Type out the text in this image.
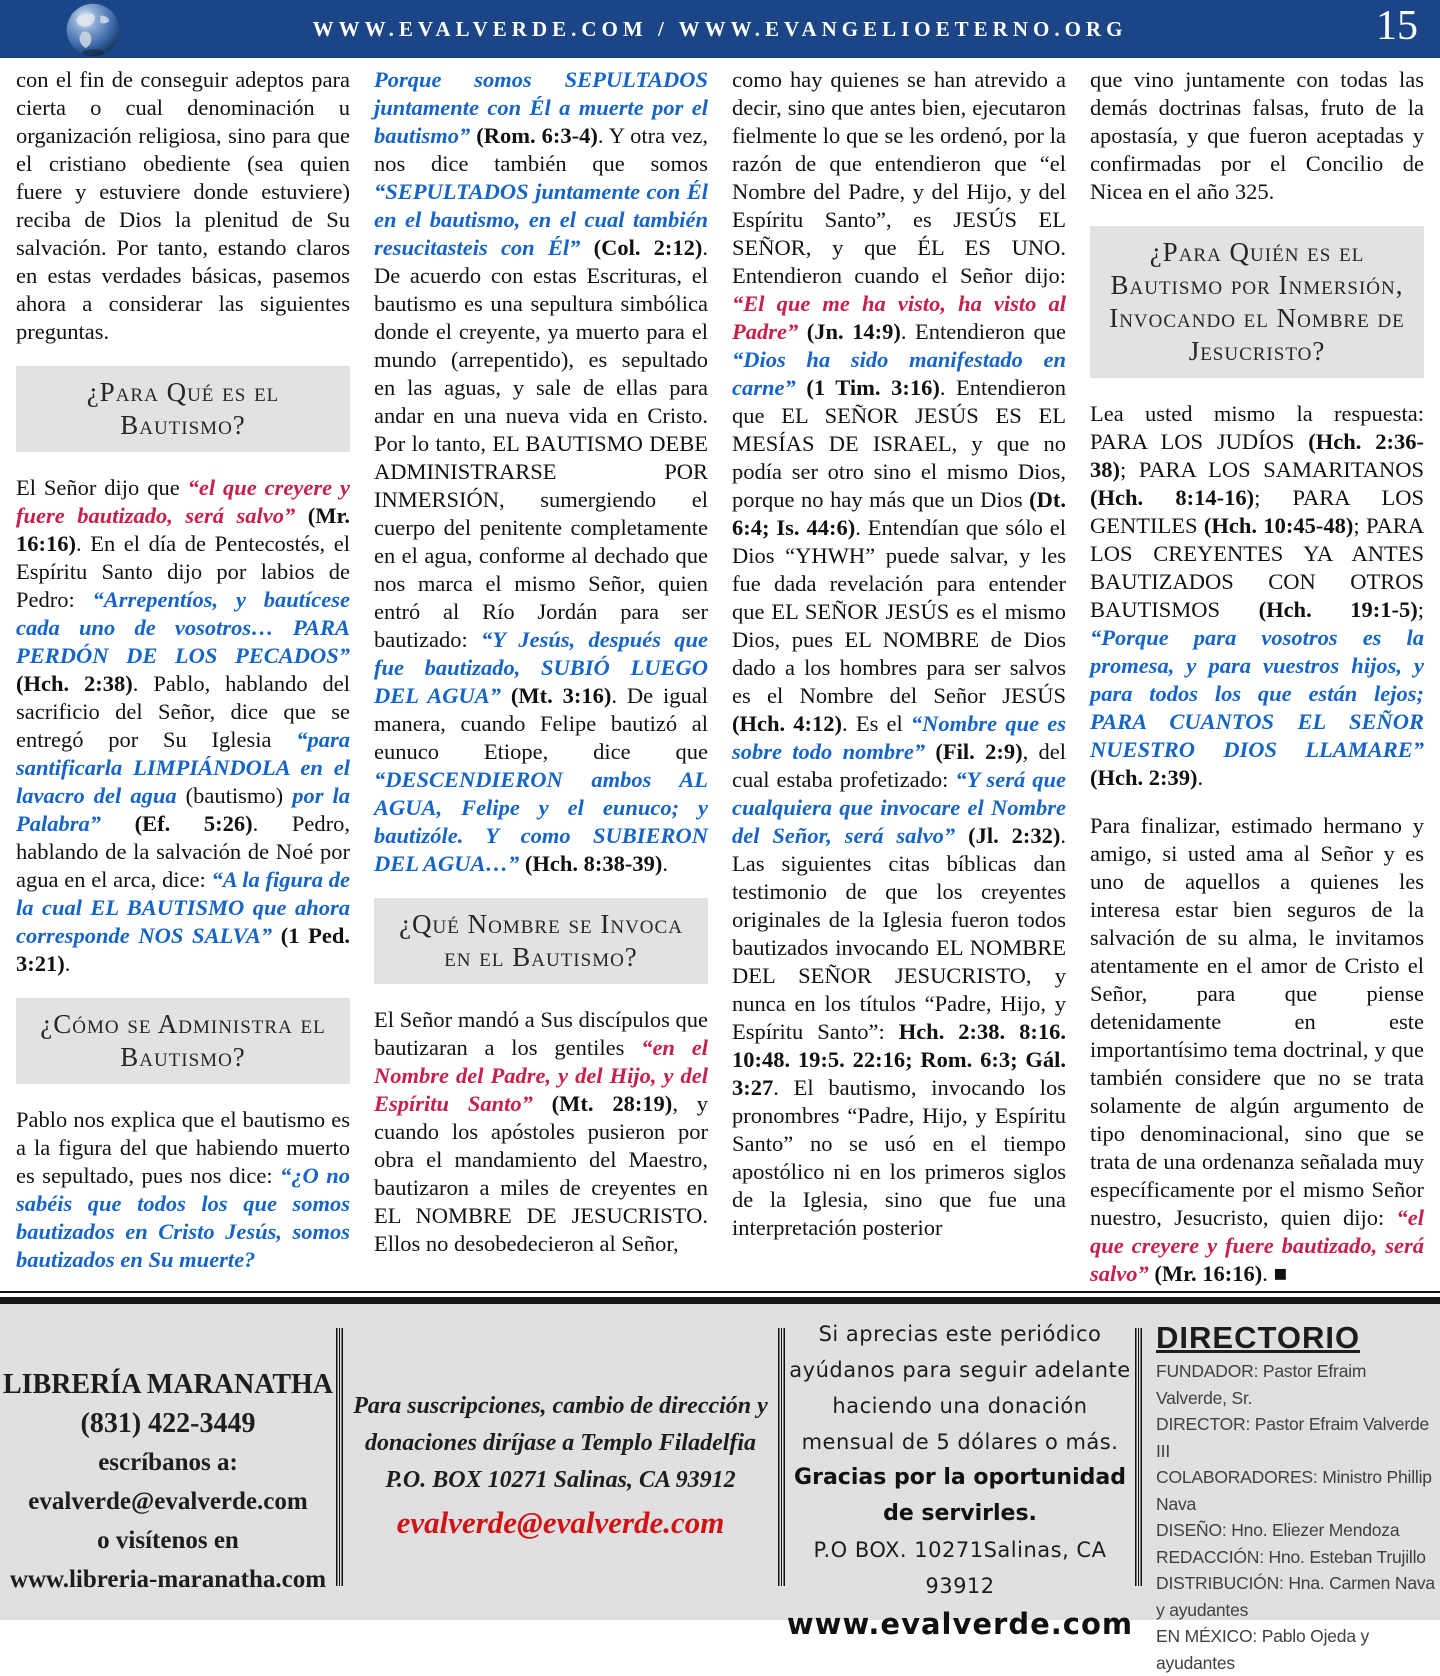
WWW.EVALVERDE.COM / WWW.EVANGELIOETERNO.ORG	15

con el fin de conseguir adeptos para cierta o cual denominación u organización religiosa, sino para que el cristiano obediente (sea quien fuere y estuviere donde estuviere) reciba de Dios la plenitud de Su salvación. Por tanto, estando claros en estas verdades básicas, pasemos ahora a considerar las siguientes preguntas.

¿Para Qué es el Bautismo?

El Señor dijo que “el que creyere y fuere bautizado, será salvo” (Mr. 16:16). En el día de Pentecostés, el Espíritu Santo dijo por labios de Pedro: “Arrepentíos, y bautícese cada uno de vosotros… PARA PERDÓN DE LOS PECADOS” (Hch. 2:38). Pablo, hablando del sacrificio del Señor, dice que se entregó por Su Iglesia “para santificarla LIMPIÁNDOLA en el lavacro del agua (bautismo) por la Palabra” (Ef. 5:26). Pedro, hablando de la salvación de Noé por agua en el arca, dice: “A la figura de la cual EL BAUTISMO que ahora corresponde NOS SALVA” (1 Ped. 3:21).

¿Cómo se Administra el Bautismo?

Pablo nos explica que el bautismo es a la figura del que habiendo muerto es sepultado, pues nos dice: “¿O no sabéis que todos los que somos bautizados en Cristo Jesús, somos bautizados en Su muerte?

Porque somos SEPULTADOS juntamente con Él a muerte por el bautismo” (Rom. 6:3-4). Y otra vez, nos dice también que somos “SEPULTADOS juntamente con Él en el bautismo, en el cual también resucitasteis con Él” (Col. 2:12). De acuerdo con estas Escrituras, el bautismo es una sepultura simbólica donde el creyente, ya muerto para el mundo (arrepentido), es sepultado en las aguas, y sale de ellas para andar en una nueva vida en Cristo. Por lo tanto, EL BAUTISMO DEBE ADMINISTRARSE POR INMERSIÓN, sumergiendo el cuerpo del penitente completamente en el agua, conforme al dechado que nos marca el mismo Señor, quien entró al Río Jordán para ser bautizado: “Y Jesús, después que fue bautizado, SUBIÓ LUEGO DEL AGUA” (Mt. 3:16). De igual manera, cuando Felipe bautizó al eunuco Etiope, dice que “DESCENDIERON ambos AL AGUA, Felipe y el eunuco; y bautizóle. Y como SUBIERON DEL AGUA…” (Hch. 8:38-39).

¿Qué Nombre se Invoca en el Bautismo?

El Señor mandó a Sus discípulos que bautizaran a los gentiles “en el Nombre del Padre, y del Hijo, y del Espíritu Santo” (Mt. 28:19), y cuando los apóstoles pusieron por obra el mandamiento del Maestro, bautizaron a miles de creyentes en EL NOMBRE DE JESUCRISTO. Ellos no desobedecieron al Señor,

como hay quienes se han atrevido a decir, sino que antes bien, ejecutaron fielmente lo que se les ordenó, por la razón de que entendieron que “el Nombre del Padre, y del Hijo, y del Espíritu Santo”, es JESÚS EL SEÑOR, y que ÉL ES UNO. Entendieron cuando el Señor dijo: “El que me ha visto, ha visto al Padre” (Jn. 14:9). Entendieron que “Dios ha sido manifestado en carne” (1 Tim. 3:16). Entendieron que EL SEÑOR JESÚS ES EL MESÍAS DE ISRAEL, y que no podía ser otro sino el mismo Dios, porque no hay más que un Dios (Dt. 6:4; Is. 44:6). Entendían que sólo el Dios “YHWH” puede salvar, y les fue dada revelación para entender que EL SEÑOR JESÚS es el mismo Dios, pues EL NOMBRE de Dios dado a los hombres para ser salvos es el Nombre del Señor JESÚS (Hch. 4:12). Es el “Nombre que es sobre todo nombre” (Fil. 2:9), del cual estaba profetizado: “Y será que cualquiera que invocare el Nombre del Señor, será salvo” (Jl. 2:32). Las siguientes citas bíblicas dan testimonio de que los creyentes originales de la Iglesia fueron todos bautizados invocando EL NOMBRE DEL SEÑOR JESUCRISTO, y nunca en los títulos “Padre, Hijo, y Espíritu Santo”: Hch. 2:38. 8:16. 10:48. 19:5. 22:16; Rom. 6:3; Gál. 3:27. El bautismo, invocando los pronombres “Padre, Hijo, y Espíritu Santo” no se usó en el tiempo apostólico ni en los primeros siglos de la Iglesia, sino que fue una interpretación posterior

que vino juntamente con todas las demás doctrinas falsas, fruto de la apostasía, y que fueron aceptadas y confirmadas por el Concilio de Nicea en el año 325.

¿Para Quién es el Bautismo por Inmersión, Invocando el Nombre de Jesucristo?

Lea usted mismo la respuesta: PARA LOS JUDÍOS (Hch. 2:36-38); PARA LOS SAMARITANOS (Hch. 8:14-16); PARA LOS GENTILES (Hch. 10:45-48); PARA LOS CREYENTES YA ANTES BAUTIZADOS CON OTROS BAUTISMOS (Hch. 19:1-5); “Porque para vosotros es la promesa, y para vuestros hijos, y para todos los que están lejos; PARA CUANTOS EL SEÑOR NUESTRO DIOS LLAMARE” (Hch. 2:39).

Para finalizar, estimado hermano y amigo, si usted ama al Señor y es uno de aquellos a quienes les interesa estar bien seguros de la salvación de su alma, le invitamos atentamente en el amor de Cristo el Señor, para que piense detenidamente en este importantísimo tema doctrinal, y que también considere que no se trata solamente de algún argumento de tipo denominacional, sino que se trata de una ordenanza señalada muy específicamente por el mismo Señor nuestro, Jesucristo, quien dijo: “el que creyere y fuere bautizado, será salvo” (Mr. 16:16). ■

LIBRERÍA MARANATHA
(831) 422-3449
escríbanos a:
evalverde@evalverde.com
o visítenos en
www.libreria-maranatha.com
Para suscripciones, cambio de dirección y
donaciones diríjase a Templo Filadelfia
P.O. BOX 10271 Salinas, CA 93912
evalverde@evalverde.com
Si aprecias este periódico
ayúdanos para seguir adelante
haciendo una donación
mensual de 5 dólares o más.
Gracias por la oportunidad
de servirles.
P.O BOX. 10271Salinas, CA 93912
www.evalverde.com
DIRECTORIO
FUNDADOR: Pastor Efraim Valverde, Sr.
DIRECTOR: Pastor Efraim Valverde III
COLABORADORES: Ministro Phillip Nava
DISEÑO: Hno. Eliezer Mendoza
REDACCIÓN: Hno. Esteban Trujillo
DISTRIBUCIÓN: Hna. Carmen Nava y ayudantes
EN MÉXICO: Pablo Ojeda y ayudantes
